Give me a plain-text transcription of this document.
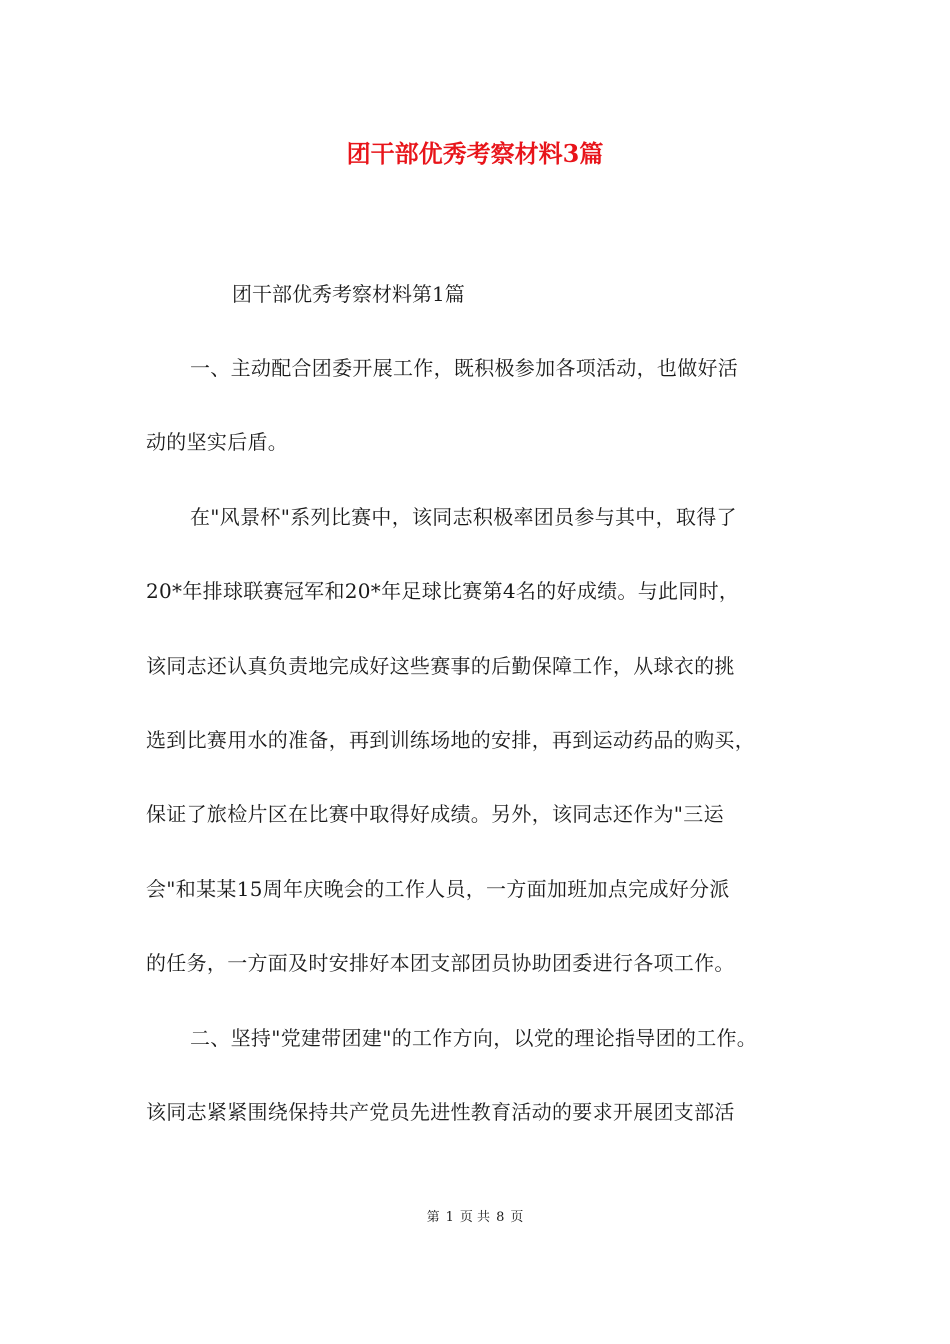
团干部优秀考察材料3篇

团干部优秀考察材料第1篇

一、主动配合团委开展工作，既积极参加各项活动，也做好活
动的坚实后盾。
在"风景杯"系列比赛中，该同志积极率团员参与其中，取得了
20*年排球联赛冠军和20*年足球比赛第4名的好成绩。与此同时，
该同志还认真负责地完成好这些赛事的后勤保障工作，从球衣的挑
选到比赛用水的准备，再到训练场地的安排，再到运动药品的购买，
保证了旅检片区在比赛中取得好成绩。另外，该同志还作为"三运
会"和某某15周年庆晚会的工作人员，一方面加班加点完成好分派
的任务，一方面及时安排好本团支部团员协助团委进行各项工作。
二、坚持"党建带团建"的工作方向，以党的理论指导团的工作。
该同志紧紧围绕保持共产党员先进性教育活动的要求开展团支部活

第 1 页 共 8 页
